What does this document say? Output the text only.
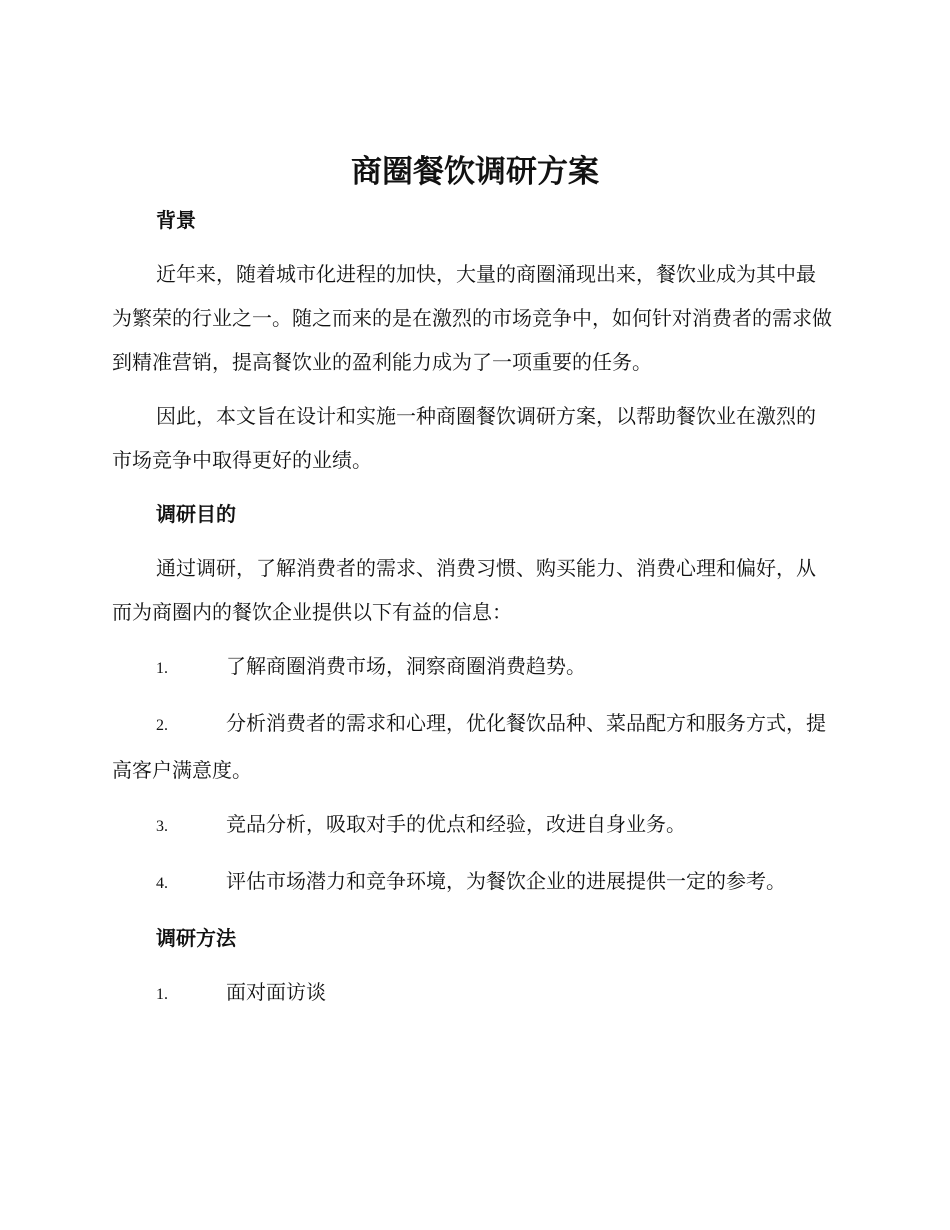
商圈餐饮调研方案

背景

近年来，随着城市化进程的加快，大量的商圈涌现出来，餐饮业成为其中最为繁荣的行业之一。随之而来的是在激烈的市场竞争中，如何针对消费者的需求做到精准营销，提高餐饮业的盈利能力成为了一项重要的任务。

因此，本文旨在设计和实施一种商圈餐饮调研方案，以帮助餐饮业在激烈的市场竞争中取得更好的业绩。

调研目的

通过调研，了解消费者的需求、消费习惯、购买能力、消费心理和偏好，从而为商圈内的餐饮企业提供以下有益的信息：

1.	了解商圈消费市场，洞察商圈消费趋势。

2.	分析消费者的需求和心理，优化餐饮品种、菜品配方和服务方式，提高客户满意度。

3.	竞品分析，吸取对手的优点和经验，改进自身业务。

4.	评估市场潜力和竞争环境，为餐饮企业的进展提供一定的参考。

调研方法

1.	面对面访谈
